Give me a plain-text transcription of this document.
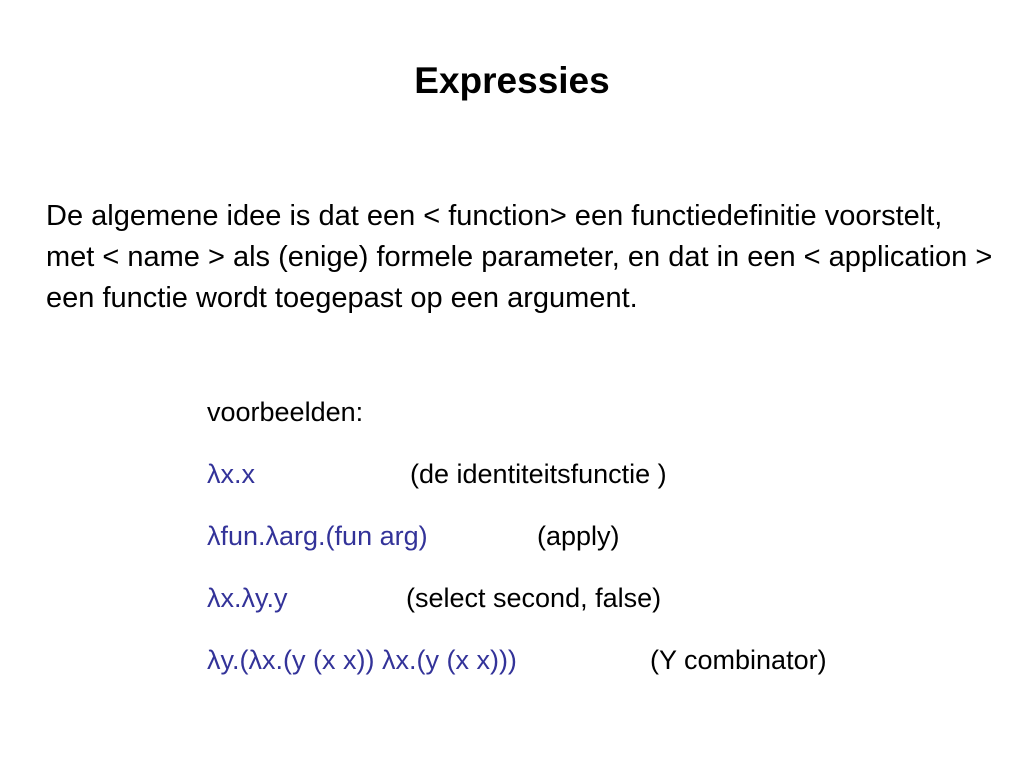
Expressies
De algemene idee is dat een < function> een functiedefinitie voorstelt, met < name > als (enige) formele parameter, en dat in een < application > een functie wordt toegepast op een argument.
voorbeelden:
λx.x	(de identiteitsfunctie )
λfun.λarg.(fun arg)	(apply)
λx.λy.y	(select second, false)
λy.(λx.(y (x x)) λx.(y (x x)))	(Y combinator)
